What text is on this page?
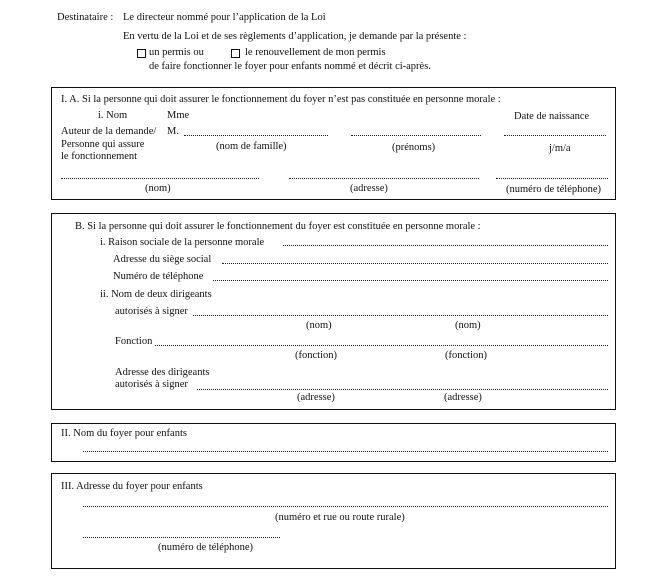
Destinataire : Le directeur nommé pour l’application de la Loi
En vertu de la Loi et de ses règlements d’application, je demande par la présente :
un permis ou	le renouvellement de mon permis
de faire fonctionner le foyer pour enfants nommé et décrit ci-après.
I. A. Si la personne qui doit assurer le fonctionnement du foyer n’est pas constituée en personne morale :
i. Nom	Mme	Date de naissance
Auteur de la demande/ M.
Personne qui assure
le fonctionnement
(nom de famille)	(prénoms)	j/m/a
(nom)	(adresse)	(numéro de téléphone)
B. Si la personne qui doit assurer le fonctionnement du foyer est constituée en personne morale :
i. Raison sociale de la personne morale
Adresse du siège social
Numéro de téléphone
ii. Nom de deux dirigeants
autorisés à signer
(nom)	(nom)
Fonction
(fonction)	(fonction)
Adresse des dirigeants
autorisés à signer
(adresse)	(adresse)
II. Nom du foyer pour enfants
III. Adresse du foyer pour enfants
(numéro et rue ou route rurale)
(numéro de téléphone)
